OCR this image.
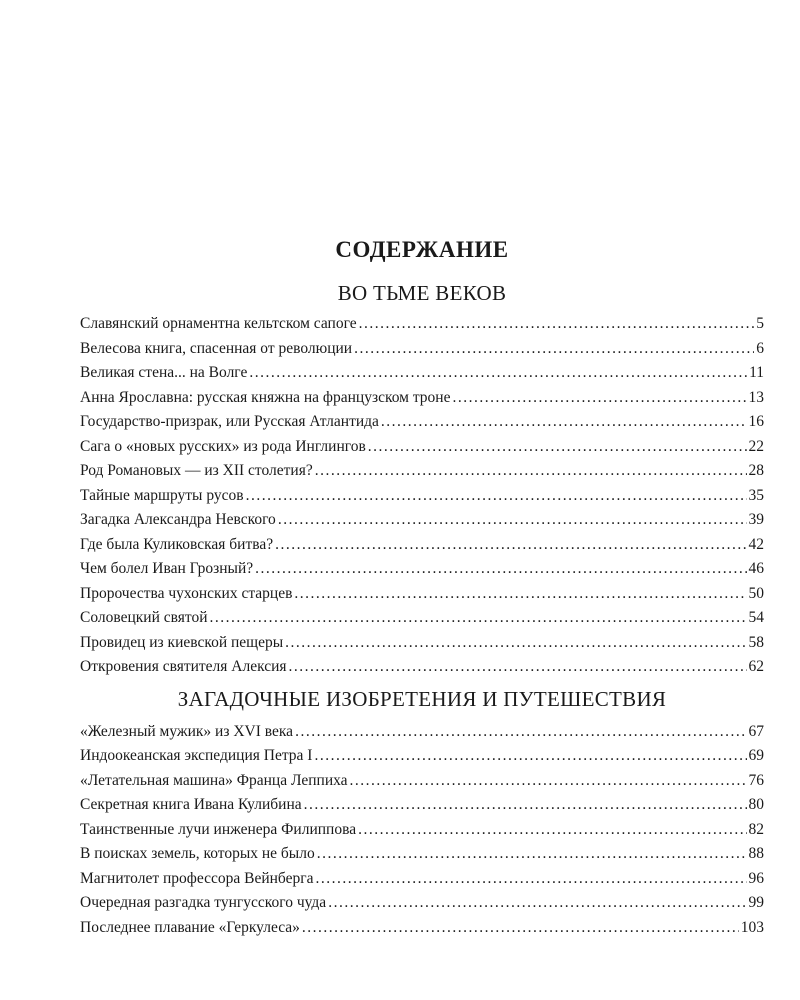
СОДЕРЖАНИЕ
ВО ТЬМЕ ВЕКОВ
Славянский орнаментна кельтском сапоге .....	5
Велесова книга, спасенная от революции .....	6
Великая стена... на Волге .....	11
Анна Ярославна: русская княжна на французском троне .....	13
Государство-призрак, или Русская Атлантида .....	16
Сага о «новых русских» из рода Инглингов .....	22
Род Романовых — из XII столетия? .....	28
Тайные маршруты русов .....	35
Загадка Александра Невского .....	39
Где была Куликовская битва? .....	42
Чем болел Иван Грозный? .....	46
Пророчества чухонских старцев .....	50
Соловецкий святой .....	54
Провидец из киевской пещеры .....	58
Откровения святителя Алексия .....	62
ЗАГАДОЧНЫЕ ИЗОБРЕТЕНИЯ И ПУТЕШЕСТВИЯ
«Железный мужик» из XVI века .....	67
Индоокеанская экспедиция Петра I .....	69
«Летательная машина» Франца Леппиха .....	76
Секретная книга Ивана Кулибина .....	80
Таинственные лучи инженера Филиппова .....	82
В поисках земель, которых не было .....	88
Магнитолет профессора Вейнберга .....	96
Очередная разгадка тунгусского чуда .....	99
Последнее плавание «Геркулеса» .....	103
